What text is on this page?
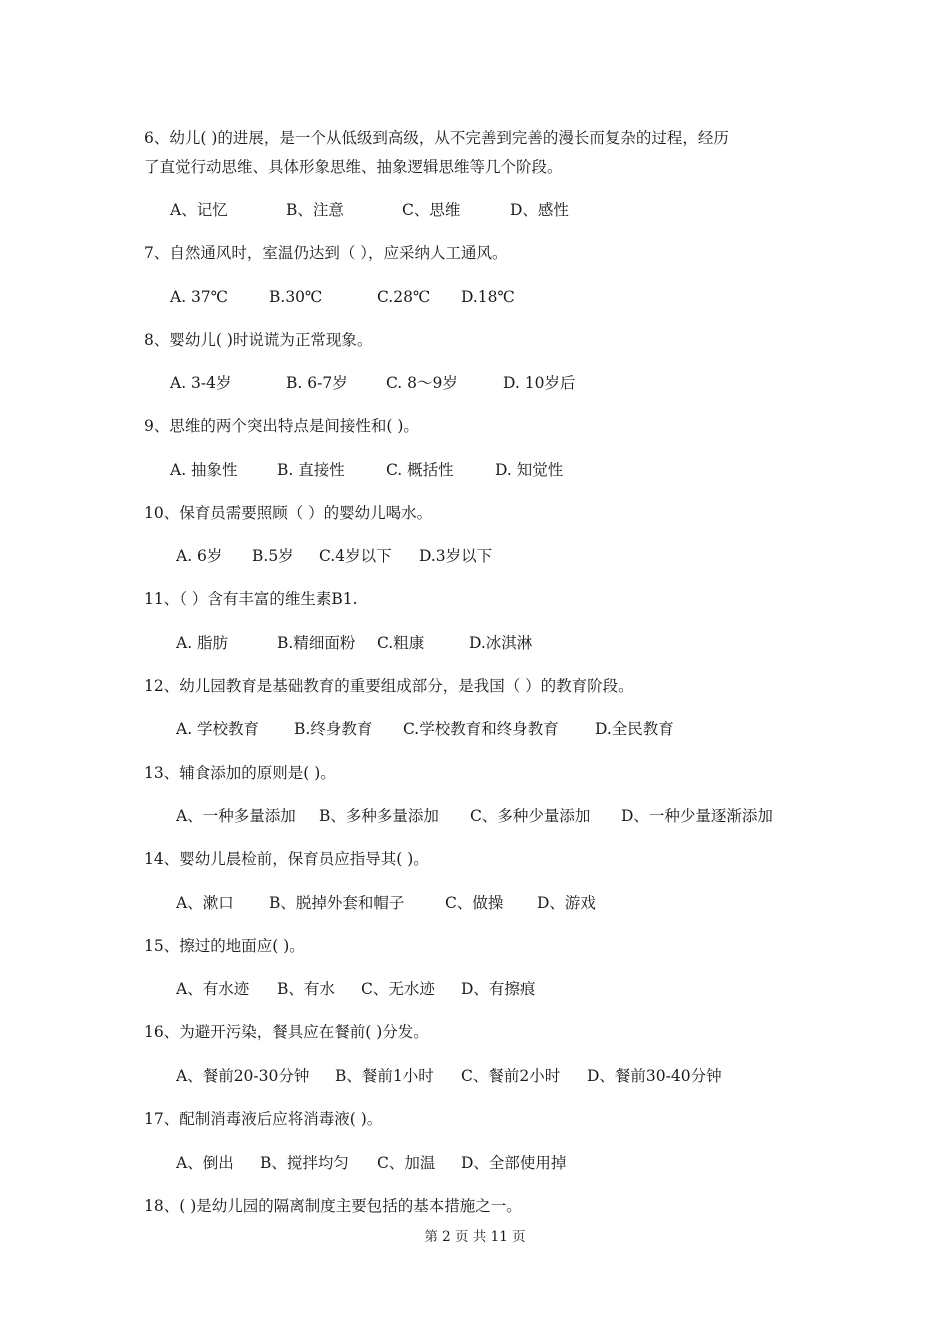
6、幼儿( )的进展，是一个从低级到高级，从不完善到完善的漫长而复杂的过程，经历
了直觉行动思维、具体形象思维、抽象逻辑思维等几个阶段。
A、记忆	B、注意	C、思维	D、感性
7、自然通风时，室温仍达到（ ），应采纳人工通风。
A. 37℃	B.30℃	C.28℃ D.18℃
8、婴幼儿( )时说谎为正常现象。
A. 3-4岁	B. 6-7岁 C. 8～9岁	D. 10岁后
9、思维的两个突出特点是间接性和( )。
A. 抽象性	B. 直接性	C. 概括性	D. 知觉性
10、保育员需要照顾（ ）的婴幼儿喝水。
A. 6岁 B.5岁 C.4岁以下 D.3岁以下
11、（ ）含有丰富的维生素B1.
A. 脂肪	B.精细面粉 C.粗康	D.冰淇淋
12、幼儿园教育是基础教育的重要组成部分，是我国（ ）的教育阶段。
A. 学校教育 B.终身教育 C.学校教育和终身教育 D.全民教育
13、辅食添加的原则是( )。
A、一种多量添加 B、多种多量添加 C、多种少量添加 D、一种少量逐渐添加
14、婴幼儿晨检前，保育员应指导其( )。
A、漱口 B、脱掉外套和帽子	C、做操 D、游戏
15、擦过的地面应( )。
A、有水迹 B、有水 C、无水迹 D、有擦痕
16、为避开污染，餐具应在餐前( )分发。
A、餐前20-30分钟 B、餐前1小时 C、餐前2小时 D、餐前30-40分钟
17、配制消毒液后应将消毒液( )。
A、倒出 B、搅拌均匀 C、加温 D、全部使用掉
18、( )是幼儿园的隔离制度主要包括的基本措施之一。
第 2 页 共 11 页
